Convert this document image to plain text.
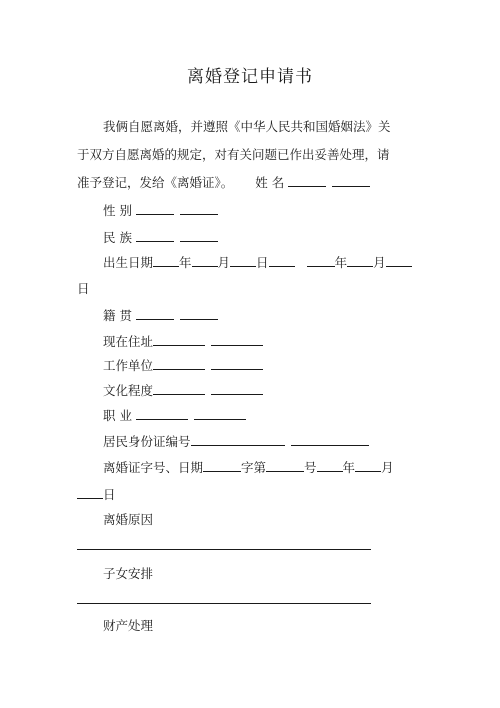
离婚登记申请书
我俩自愿离婚，并遵照《中华人民共和国婚姻法》关
于双方自愿离婚的规定，对有关问题已作出妥善处理，请
准予登记，发给《离婚证》。 姓 名
性 别
民 族
出生日期 年 月 日	年 月
日
籍 贯
现在住址
工作单位
文化程度
职 业
居民身份证编号
离婚证字号、日期	字第	号 年 月
日
离婚原因
子女安排
财产处理
